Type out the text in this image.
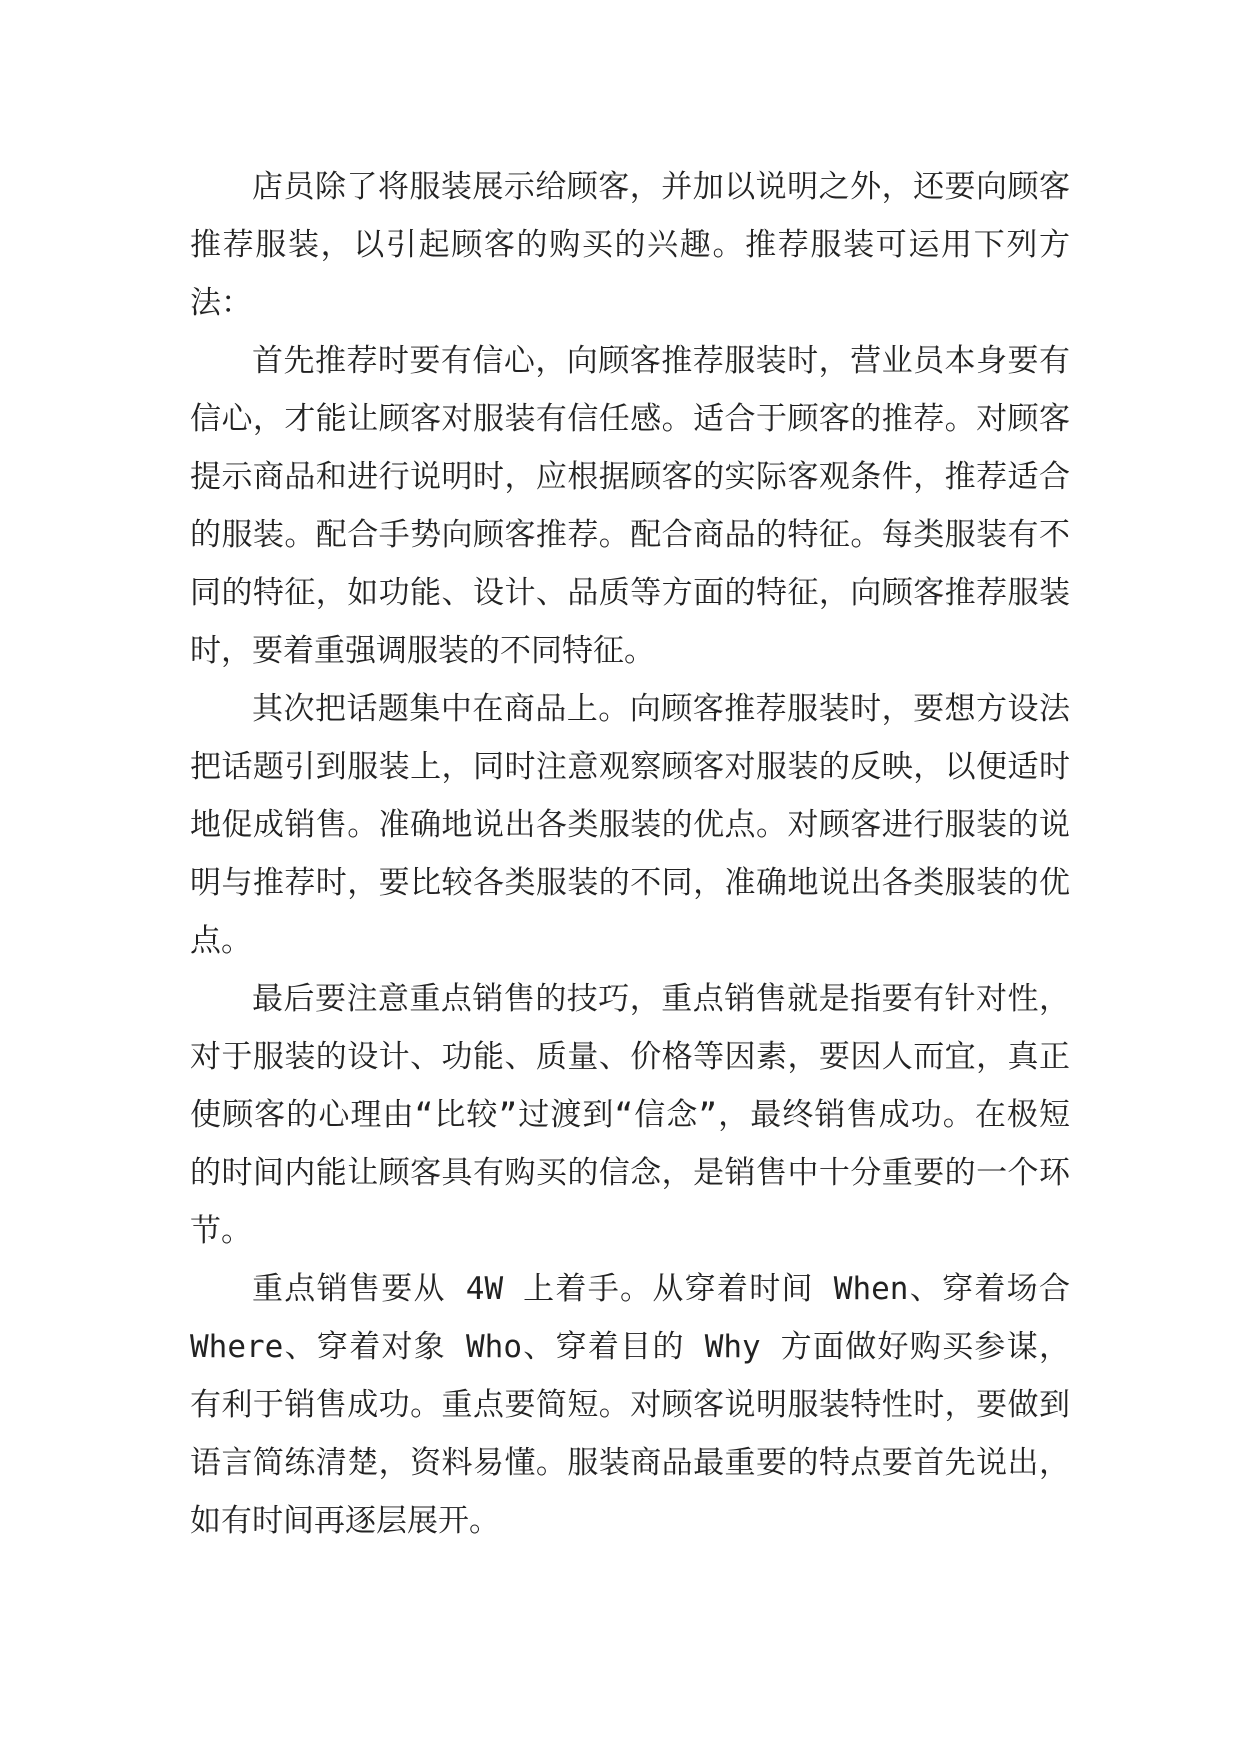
店员除了将服装展示给顾客，并加以说明之外，还要向顾客推荐服装，以引起顾客的购买的兴趣。推荐服装可运用下列方法：

首先推荐时要有信心，向顾客推荐服装时，营业员本身要有信心，才能让顾客对服装有信任感。适合于顾客的推荐。对顾客提示商品和进行说明时，应根据顾客的实际客观条件，推荐适合的服装。配合手势向顾客推荐。配合商品的特征。每类服装有不同的特征，如功能、设计、品质等方面的特征，向顾客推荐服装时，要着重强调服装的不同特征。

其次把话题集中在商品上。向顾客推荐服装时，要想方设法把话题引到服装上，同时注意观察顾客对服装的反映，以便适时地促成销售。准确地说出各类服装的优点。对顾客进行服装的说明与推荐时，要比较各类服装的不同，准确地说出各类服装的优点。

最后要注意重点销售的技巧，重点销售就是指要有针对性，对于服装的设计、功能、质量、价格等因素，要因人而宜，真正使顾客的心理由“比较”过渡到“信念”，最终销售成功。在极短的时间内能让顾客具有购买的信念，是销售中十分重要的一个环节。

重点销售要从 4W 上着手。从穿着时间 When、穿着场合 Where、穿着对象 Who、穿着目的 Why 方面做好购买参谋，有利于销售成功。重点要简短。对顾客说明服装特性时，要做到语言简练清楚，资料易懂。服装商品最重要的特点要首先说出，如有时间再逐层展开。
